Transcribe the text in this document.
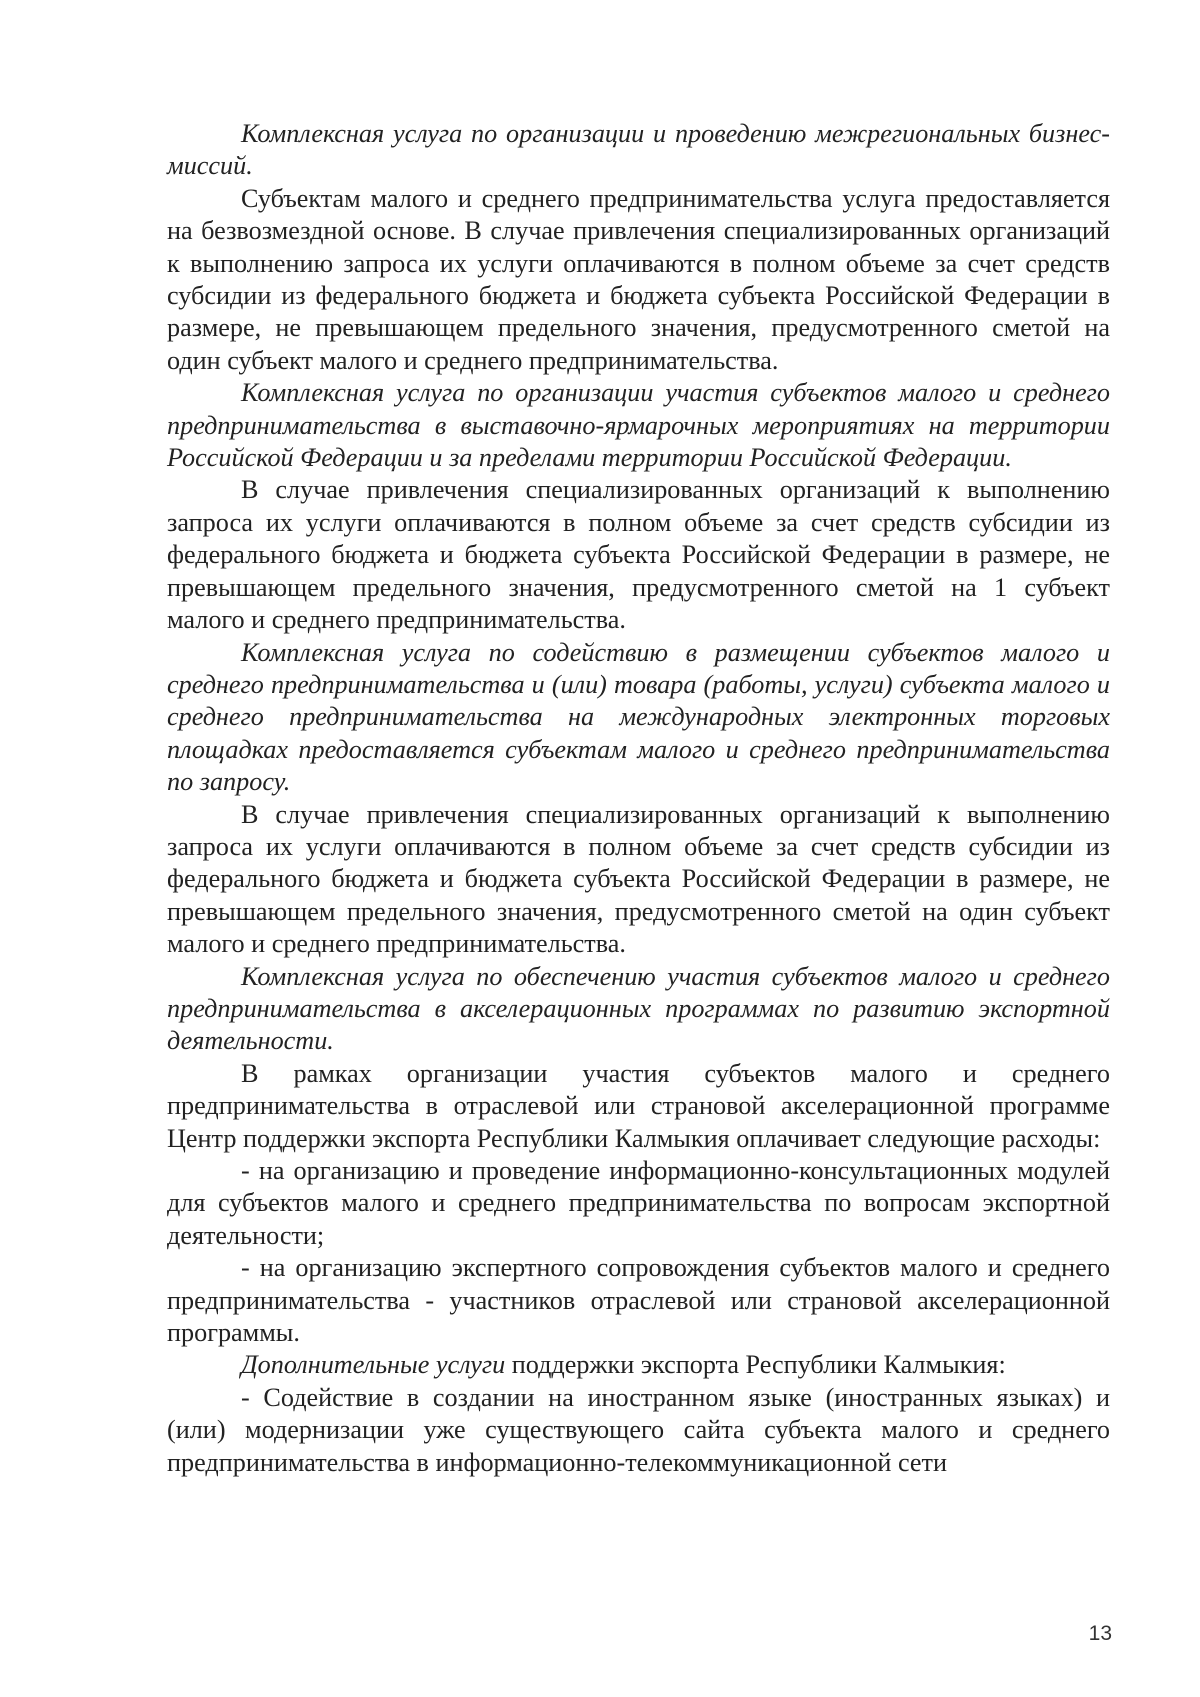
Комплексная услуга по организации и проведению межрегиональных бизнес-миссий.

Субъектам малого и среднего предпринимательства услуга предоставляется на безвозмездной основе. В случае привлечения специализированных организаций к выполнению запроса их услуги оплачиваются в полном объеме за счет средств субсидии из федерального бюджета и бюджета субъекта Российской Федерации в размере, не превышающем предельного значения, предусмотренного сметой на один субъект малого и среднего предпринимательства.

Комплексная услуга по организации участия субъектов малого и среднего предпринимательства в выставочно-ярмарочных мероприятиях на территории Российской Федерации и за пределами территории Российской Федерации.

В случае привлечения специализированных организаций к выполнению запроса их услуги оплачиваются в полном объеме за счет средств субсидии из федерального бюджета и бюджета субъекта Российской Федерации в размере, не превышающем предельного значения, предусмотренного сметой на 1 субъект малого и среднего предпринимательства.

Комплексная услуга по содействию в размещении субъектов малого и среднего предпринимательства и (или) товара (работы, услуги) субъекта малого и среднего предпринимательства на международных электронных торговых площадках предоставляется субъектам малого и среднего предпринимательства по запросу.

В случае привлечения специализированных организаций к выполнению запроса их услуги оплачиваются в полном объеме за счет средств субсидии из федерального бюджета и бюджета субъекта Российской Федерации в размере, не превышающем предельного значения, предусмотренного сметой на один субъект малого и среднего предпринимательства.

Комплексная услуга по обеспечению участия субъектов малого и среднего предпринимательства в акселерационных программах по развитию экспортной деятельности.

В рамках организации участия субъектов малого и среднего предпринимательства в отраслевой или страновой акселерационной программе Центр поддержки экспорта Республики Калмыкия оплачивает следующие расходы:

- на организацию и проведение информационно-консультационных модулей для субъектов малого и среднего предпринимательства по вопросам экспортной деятельности;

- на организацию экспертного сопровождения субъектов малого и среднего предпринимательства - участников отраслевой или страновой акселерационной программы.

Дополнительные услуги поддержки экспорта Республики Калмыкия:

- Содействие в создании на иностранном языке (иностранных языках) и (или) модернизации уже существующего сайта субъекта малого и среднего предпринимательства в информационно-телекоммуникационной сети

13
